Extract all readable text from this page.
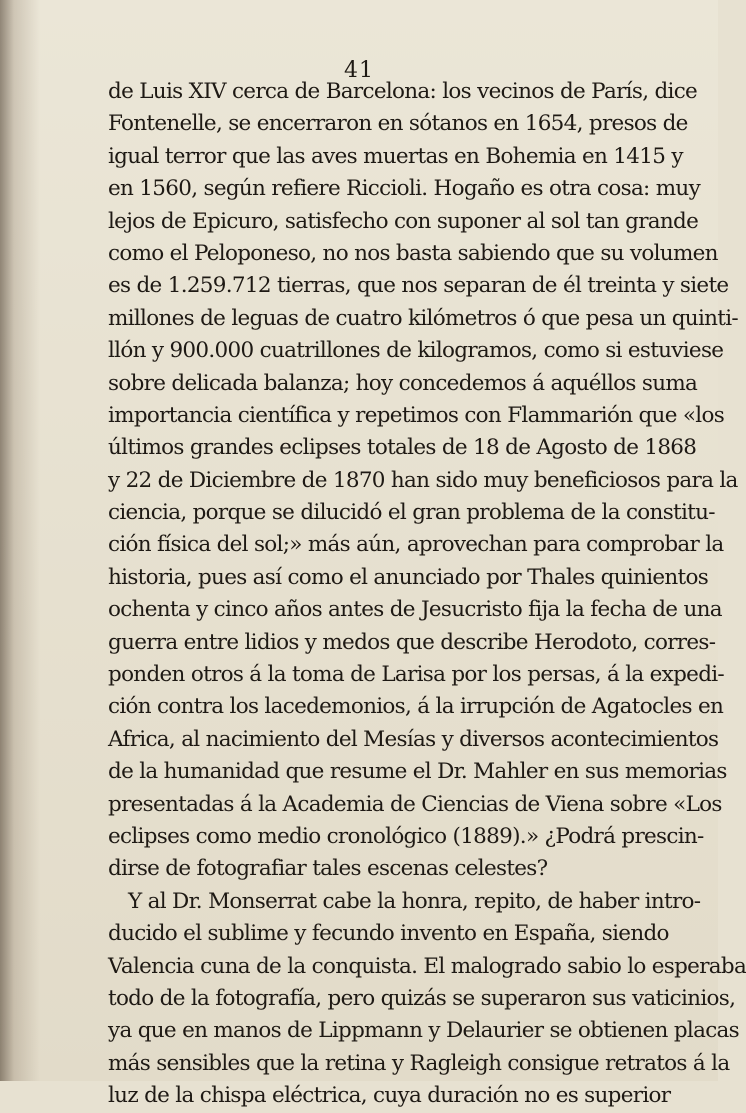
41
de Luis XIV cerca de Barcelona: los vecinos de París, dice
Fontenelle, se encerraron en sótanos en 1654, presos de
igual terror que las aves muertas en Bohemia en 1415 y
en 1560, según refiere Riccioli. Hogaño es otra cosa: muy
lejos de Epicuro, satisfecho con suponer al sol tan grande
como el Peloponeso, no nos basta sabiendo que su volumen
es de 1.259.712 tierras, que nos separan de él treinta y siete
millones de leguas de cuatro kilómetros ó que pesa un quinti-
llón y 900.000 cuatrillones de kilogramos, como si estuviese
sobre delicada balanza; hoy concedemos á aquéllos suma
importancia científica y repetimos con Flammarión que «los
últimos grandes eclipses totales de 18 de Agosto de 1868
y 22 de Diciembre de 1870 han sido muy beneficiosos para la
ciencia, porque se dilucidó el gran problema de la constitu-
ción física del sol;» más aún, aprovechan para comprobar la
historia, pues así como el anunciado por Thales quinientos
ochenta y cinco años antes de Jesucristo fija la fecha de una
guerra entre lidios y medos que describe Herodoto, corres-
ponden otros á la toma de Larisa por los persas, á la expedi-
ción contra los lacedemonios, á la irrupción de Agatocles en
Africa, al nacimiento del Mesías y diversos acontecimientos
de la humanidad que resume el Dr. Mahler en sus memorias
presentadas á la Academia de Ciencias de Viena sobre «Los
eclipses como medio cronológico (1889).» ¿Podrá prescin-
dirse de fotografiar tales escenas celestes?
Y al Dr. Monserrat cabe la honra, repito, de haber intro-
ducido el sublime y fecundo invento en España, siendo
Valencia cuna de la conquista. El malogrado sabio lo esperaba
todo de la fotografía, pero quizás se superaron sus vaticinios,
ya que en manos de Lippmann y Delaurier se obtienen placas
más sensibles que la retina y Ragleigh consigue retratos á la
luz de la chispa eléctrica, cuya duración no es superior
